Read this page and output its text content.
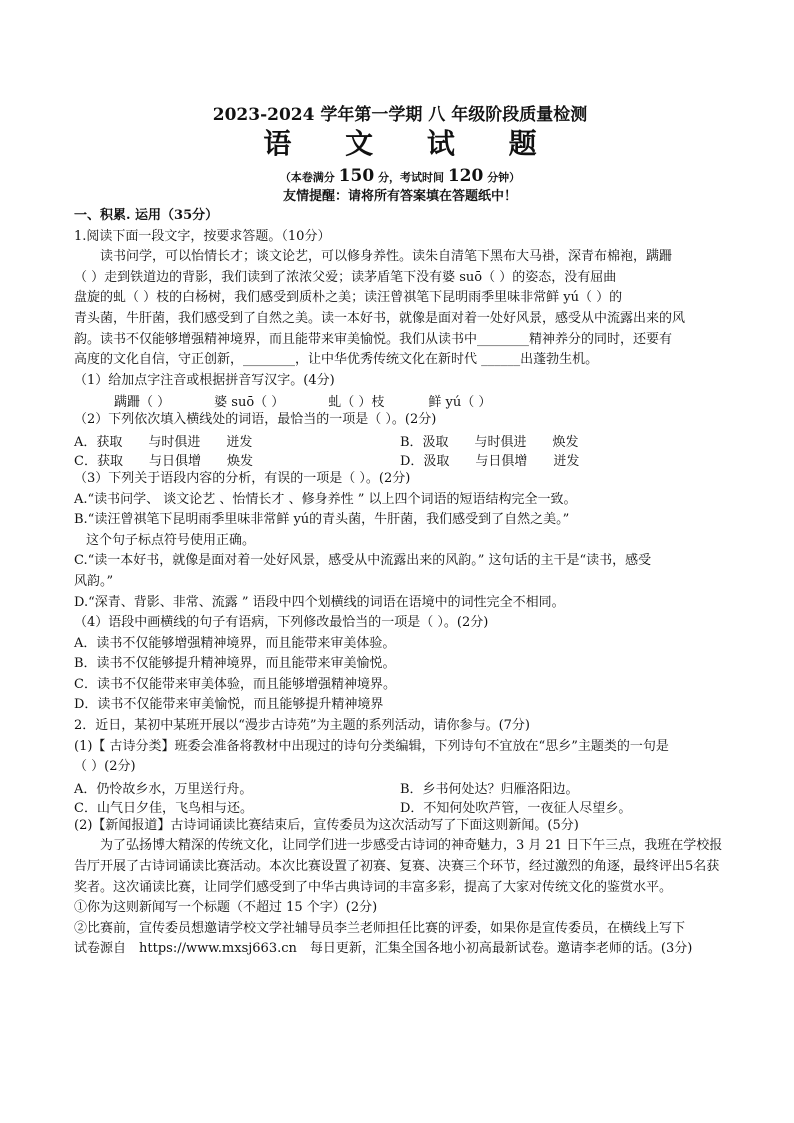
2023-2024 学年第一学期 八 年级阶段质量检测

语 文 试 题

（本卷满分 150 分，考试时间 120 分钟）
友情提醒：请将所有答案填在答题纸中！

一、积累. 运用（35分）

1.阅读下面一段文字，按要求答题。（10分）

读书问学，可以怡情长才；谈文论艺，可以修身养性。读朱自清笔下黑布大马褂，深青布棉袍，蹒跚

（ ）走到铁道边的背影，我们读到了浓浓父爱；读茅盾笔下没有婆 suō（ ）的姿态，没有屈曲

盘旋的虬（ ）枝的白杨树，我们感受到质朴之美；读汪曾祺笔下昆明雨季里味非常鲜 yú（ ）的

青头菌，牛肝菌，我们感受到了自然之美。读一本好书，就像是面对着一处好风景，感受从中流露出来的风

韵。读书不仅能够增强精神境界，而且能带来审美愉悦。我们从读书中________精神养分的同时，还要有

高度的文化自信，守正创新，________，让中华优秀传统文化在新时代 ______出蓬勃生机。

（1）给加点字注音或根据拼音写汉字。(4分)

蹒跚（ ）	婆 suō（ ）	虬（ ）枝	鲜 yú（ ）

（2）下列依次填入横线处的词语，最恰当的一项是（ ）。(2分)

A．获取　　与时俱进　　迸发	B．汲取　　与时俱进　　焕发
C．获取　　与日俱增　　焕发	D．汲取　　与日俱增　　迸发

（3）下列关于语段内容的分析，有误的一项是（ ）。(2分)

A.“读书问学、 谈文论艺 、怡情长才 、修身养性 ” 以上四个词语的短语结构完全一致。

B.“读汪曾祺笔下昆明雨季里味非常鲜 yú的青头菌，牛肝菌，我们感受到了自然之美。”

这个句子标点符号使用正确。

C.“读一本好书，就像是面对着一处好风景，感受从中流露出来的风韵。” 这句话的主干是“读书，感受

风韵。”

D.“深青、背影、非常、流露 ” 语段中四个划横线的词语在语境中的词性完全不相同。

（4）语段中画横线的句子有语病，下列修改最恰当的一项是（ ）。(2分)

A．读书不仅能够增强精神境界，而且能带来审美体验。

B．读书不仅能够提升精神境界，而且能带来审美愉悦。

C．读书不仅能带来审美体验，而且能够增强精神境界。

D．读书不仅能带来审美愉悦，而且能够提升精神境界

2．近日，某初中某班开展以“漫步古诗苑”为主题的系列活动，请你参与。(7分)

(1)【 古诗分类】班委会准备将教材中出现过的诗句分类编辑，下列诗句不宜放在“思乡”主题类的一句是

（ ）(2分)

A．仍怜故乡水，万里送行舟。	B．乡书何处达？归雁洛阳边。
C．山气日夕佳，飞鸟相与还。	D．不知何处吹芦管，一夜征人尽望乡。

(2)【新闻报道】古诗词诵读比赛结束后，宣传委员为这次活动写了下面这则新闻。(5分)

为了弘扬博大精深的传统文化，让同学们进一步感受古诗词的神奇魅力，3 月 21 日下午三点，我班在学校报告厅开展了古诗词诵读比赛活动。本次比赛设置了初赛、复赛、决赛三个环节，经过激烈的角逐，最终评出5名获奖者。这次诵读比赛，让同学们感受到了中华古典诗词的丰富多彩，提高了大家对传统文化的鉴赏水平。

①你为这则新闻写一个标题（不超过 15 个字）(2分)

②比赛前，宣传委员想邀请学校文学社辅导员李兰老师担任比赛的评委，如果你是宣传委员，在横线上写下

试卷源自　https://www.mxsj663.cn　每日更新，汇集全国各地小初高最新试卷。邀请李老师的话。(3分)
